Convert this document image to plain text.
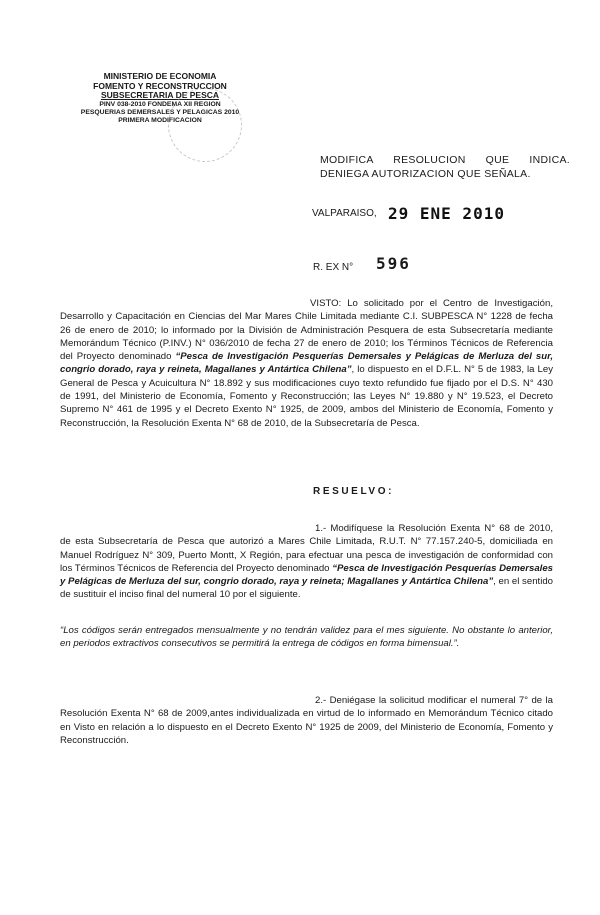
MINISTERIO DE ECONOMIA
FOMENTO Y RECONSTRUCCION
SUBSECRETARIA DE PESCA
PINV 038-2010 FONDEMA XII REGION
PESQUERIAS DEMERSALES Y PELAGICAS 2010
PRIMERA MODIFICACION
MODIFICA RESOLUCION QUE INDICA. DENIEGA AUTORIZACION QUE SEÑALA.
VALPARAISO, 29 ENE 2010
R. EX N° 596
VISTO: Lo solicitado por el Centro de Investigación, Desarrollo y Capacitación en Ciencias del Mar Mares Chile Limitada mediante C.I. SUBPESCA N° 1228 de fecha 26 de enero de 2010; lo informado por la División de Administración Pesquera de esta Subsecretaría mediante Memorándum Técnico (P.INV.) N° 036/2010 de fecha 27 de enero de 2010; los Términos Técnicos de Referencia del Proyecto denominado “Pesca de Investigación Pesquerías Demersales y Pelágicas de Merluza del sur, congrio dorado, raya y reineta, Magallanes y Antártica Chilena”, lo dispuesto en el D.F.L. N° 5 de 1983, la Ley General de Pesca y Acuicultura N° 18.892 y sus modificaciones cuyo texto refundido fue fijado por el D.S. N° 430 de 1991, del Ministerio de Economía, Fomento y Reconstrucción; las Leyes N° 19.880 y N° 19.523, el Decreto Supremo N° 461 de 1995 y el Decreto Exento N° 1925, de 2009, ambos del Ministerio de Economía, Fomento y Reconstrucción, la Resolución Exenta N° 68 de 2010, de la Subsecretaría de Pesca.
RESUELVO:
1.- Modifíquese la Resolución Exenta N° 68 de 2010, de esta Subsecretaría de Pesca que autorizó a Mares Chile Limitada, R.U.T. N° 77.157.240-5, domiciliada en Manuel Rodríguez N° 309, Puerto Montt, X Región, para efectuar una pesca de investigación de conformidad con los Términos Técnicos de Referencia del Proyecto denominado “Pesca de Investigación Pesquerías Demersales y Pelágicas de Merluza del sur, congrio dorado, raya y reineta; Magallanes y Antártica Chilena”, en el sentido de sustituir el inciso final del numeral 10 por el siguiente.
“Los códigos serán entregados mensualmente y no tendrán validez para el mes siguiente. No obstante lo anterior, en periodos extractivos consecutivos se permitirá la entrega de códigos en forma bimensual.”.
2.- Deniégase la solicitud modificar el numeral 7° de la Resolución Exenta N° 68 de 2009,antes individualizada en virtud de lo informado en Memorándum Técnico citado en Visto en relación a lo dispuesto en el Decreto Exento N° 1925 de 2009, del Ministerio de Economía, Fomento y Reconstrucción.
